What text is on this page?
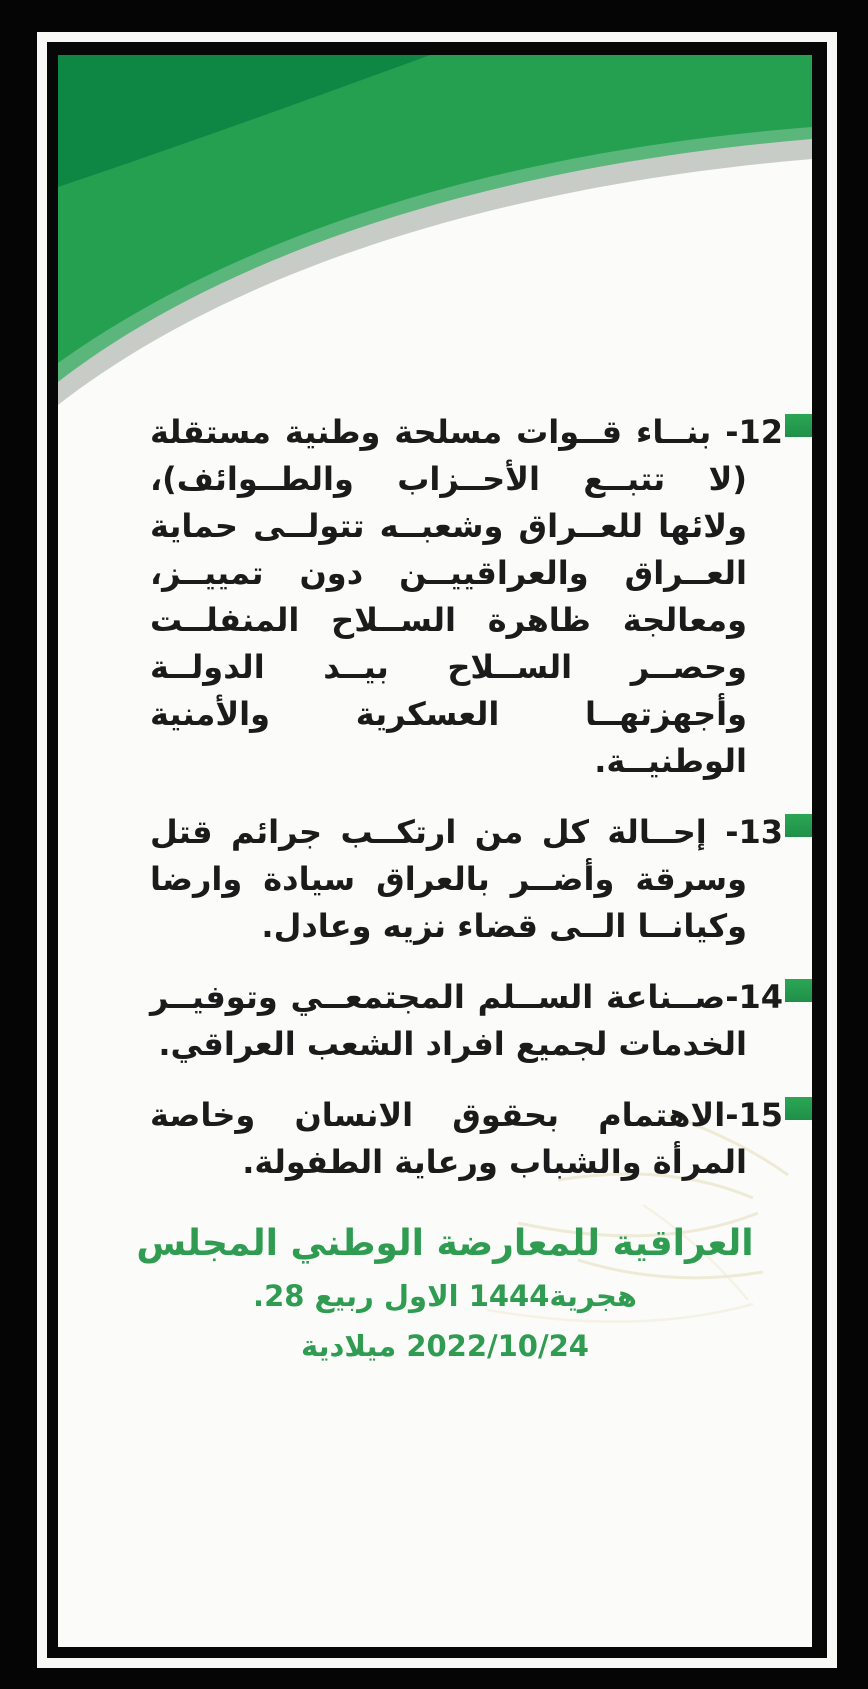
12- بنــاء قــوات مسلحة وطنية مستقلة (لا تتبــع الأحــزاب والطــوائف)، ولائها للعــراق وشعبــه تتولــى حماية العــراق والعراقييــن دون تمييــز، ومعالجة ظاهرة الســلاح المنفلــت وحصــر الســلاح بيــد الدولــة وأجهزتهــا العسكرية والأمنية الوطنيــة.

13- إحــالة كل من ارتكــب جرائم قتل وسرقة وأضــر بالعراق سيادة وارضا وكيانــا الــى قضاء نزيه وعادل.

14-صــناعة الســلم المجتمعــي وتوفيــر الخدمات لجميع افراد الشعب العراقي.

15-الاهتمام بحقوق الانسان وخاصة المرأة والشباب ورعاية الطفولة.

المجلس‎ الوطني‎ للمعارضة‎ العراقية
.28 ربيع‎ الاول‎ 1444هجرية
2022/10/24 ميلادية
